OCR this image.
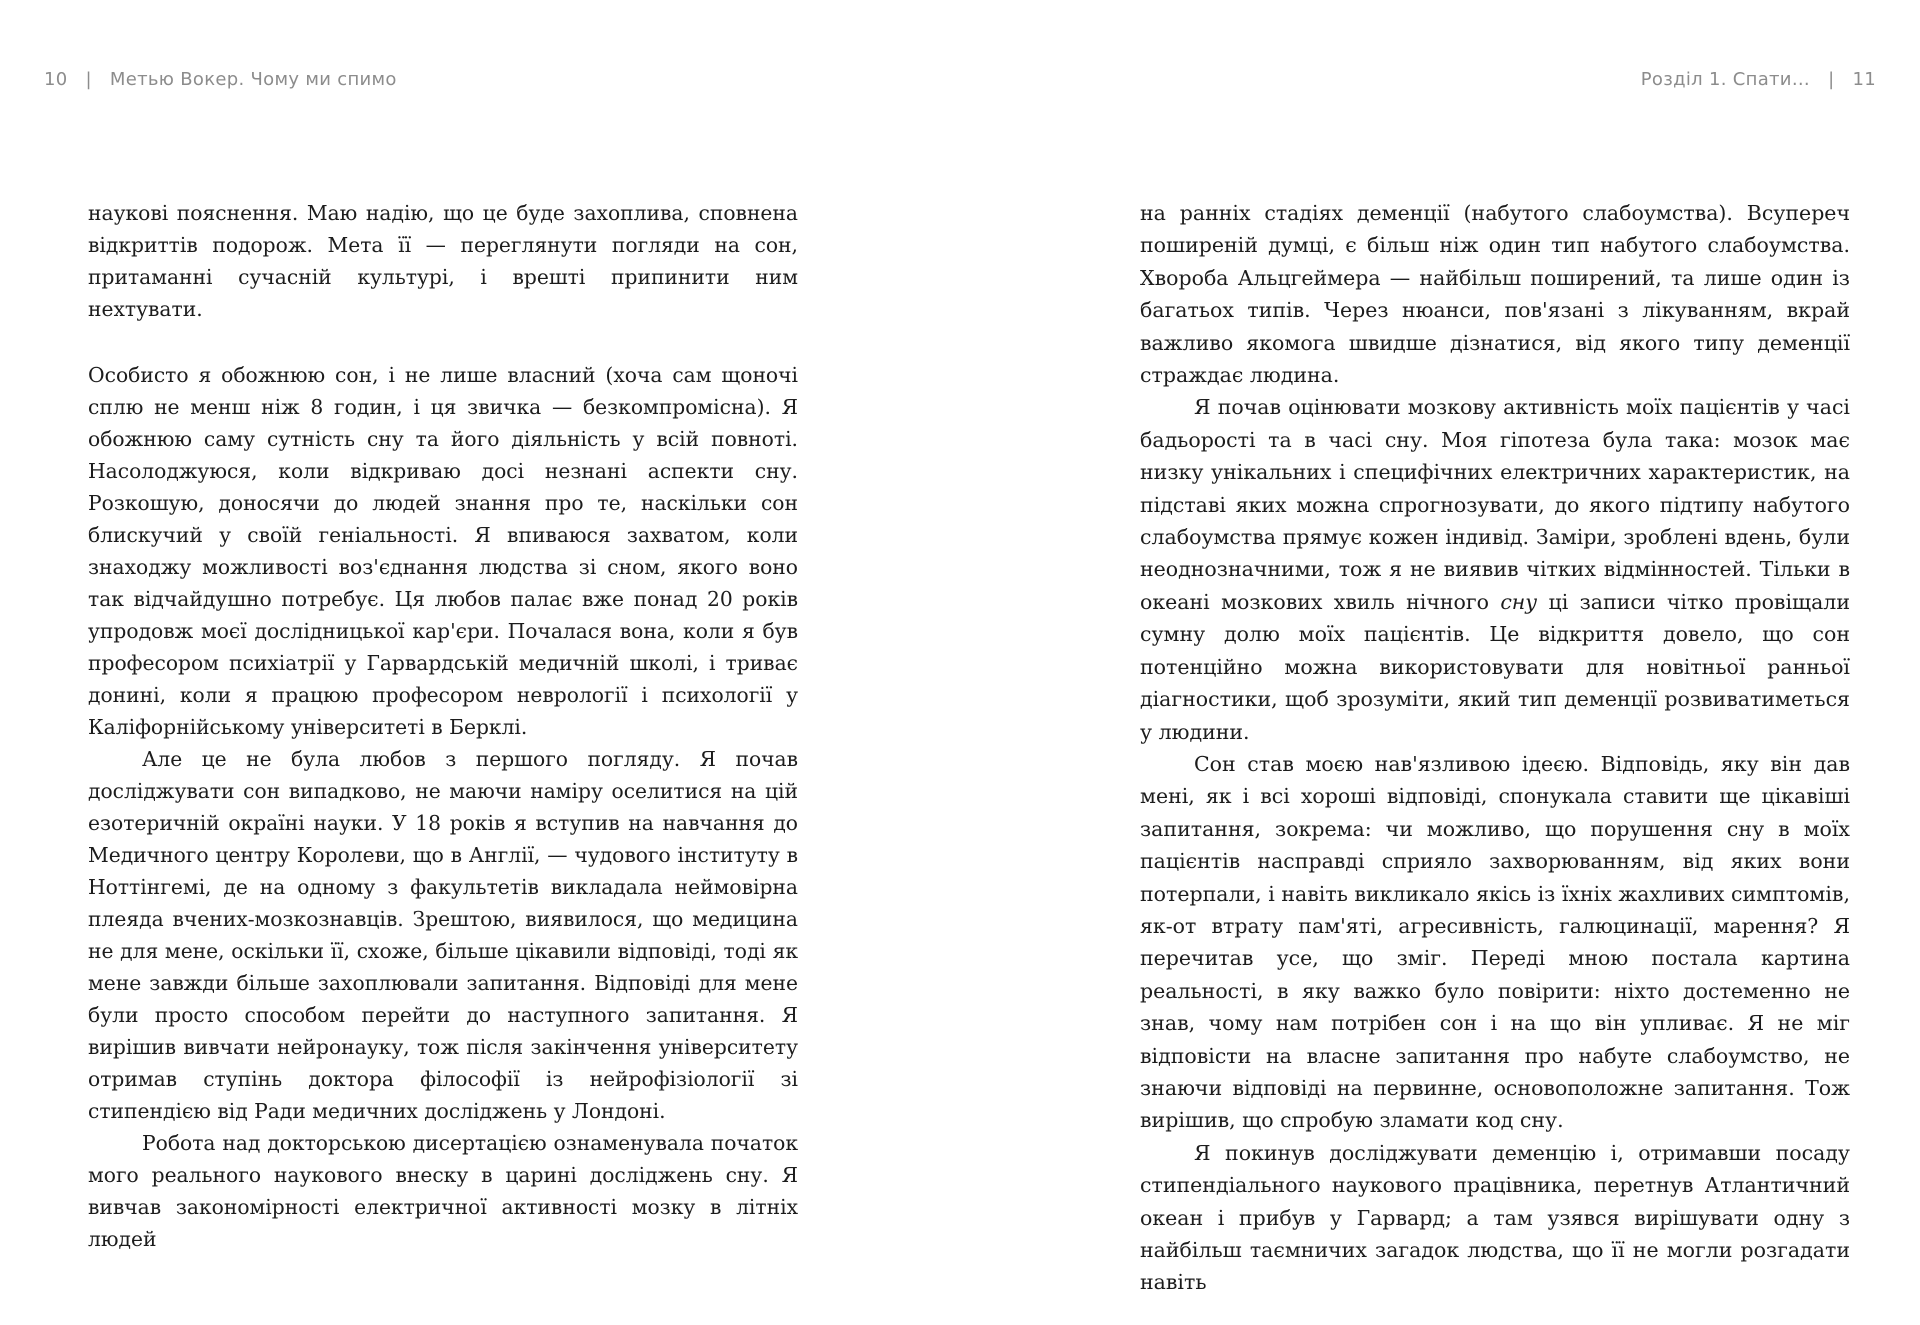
10 | Метью Вокер. Чому ми спимо	Розділ 1. Спати… | 11

наукові пояснення. Маю надію, що це буде захоплива, сповнена відкриттів подорож. Мета її — переглянути погляди на сон, притаманні сучасній культурі, і врешті припинити ним нехтувати.

Особисто я обожнюю сон, і не лише власний (хоча сам щоночі сплю не менш ніж 8 годин, і ця звичка — безкомпромісна). Я обожнюю саму сутність сну та його діяльність у всій повноті. Насолоджуюся, коли відкриваю досі незнані аспекти сну. Розкошую, доносячи до людей знання про те, наскільки сон блискучий у своїй геніальності. Я впиваюся захватом, коли знаходжу можливості воз'єднання людства зі сном, якого воно так відчайдушно потребує. Ця любов палає вже понад 20 років упродовж моєї дослідницької кар'єри. Почалася вона, коли я був професором психіатрії у Гарвардській медичній школі, і триває донині, коли я працюю професором неврології і психології у Каліфорнійському університеті в Берклі.

Але це не була любов з першого погляду. Я почав досліджувати сон випадково, не маючи наміру оселитися на цій езотеричній окраїні науки. У 18 років я вступив на навчання до Медичного центру Королеви, що в Англії, — чудового інституту в Ноттінгемі, де на одному з факультетів викладала неймовірна плеяда вчених-мозкознавців. Зрештою, виявилося, що медицина не для мене, оскільки її, схоже, більше цікавили відповіді, тоді як мене завжди більше захоплювали запитання. Відповіді для мене були просто способом перейти до наступного запитання. Я вирішив вивчати нейронауку, тож після закінчення університету отримав ступінь доктора філософії із нейрофізіології зі стипендією від Ради медичних досліджень у Лондоні.

Робота над докторською дисертацією ознаменувала початок мого реального наукового внеску в царині досліджень сну. Я вивчав закономірності електричної активності мозку в літніх людей

на ранніх стадіях деменції (набутого слабоумства). Всупереч поширеній думці, є більш ніж один тип набутого слабоумства. Хвороба Альцгеймера — найбільш поширений, та лише один із багатьох типів. Через нюанси, пов'язані з лікуванням, вкрай важливо якомога швидше дізнатися, від якого типу деменції страждає людина.

Я почав оцінювати мозкову активність моїх пацієнтів у часі бадьорості та в часі сну. Моя гіпотеза була така: мозок має низку унікальних і специфічних електричних характеристик, на підставі яких можна спрогнозувати, до якого підтипу набутого слабоумства прямує кожен індивід. Заміри, зроблені вдень, були неоднозначними, тож я не виявив чітких відмінностей. Тільки в океані мозкових хвиль нічного сну ці записи чітко провіщали сумну долю моїх пацієнтів. Це відкриття довело, що сон потенційно можна використовувати для новітньої ранньої діагностики, щоб зрозуміти, який тип деменції розвиватиметься у людини.

Сон став моєю нав'язливою ідеєю. Відповідь, яку він дав мені, як і всі хороші відповіді, спонукала ставити ще цікавіші запитання, зокрема: чи можливо, що порушення сну в моїх пацієнтів насправді сприяло захворюванням, від яких вони потерпали, і навіть викликало якісь із їхніх жахливих симптомів, як-от втрату пам'яті, агресивність, галюцинації, марення? Я перечитав усе, що зміг. Переді мною постала картина реальності, в яку важко було повірити: ніхто достеменно не знав, чому нам потрібен сон і на що він упливає. Я не міг відповісти на власне запитання про набуте слабоумство, не знаючи відповіді на первинне, основоположне запитання. Тож вирішив, що спробую зламати код сну.

Я покинув досліджувати деменцію і, отримавши посаду стипендіального наукового працівника, перетнув Атлантичний океан і прибув у Гарвард; а там узявся вирішувати одну з найбільш таємничих загадок людства, що її не могли розгадати навіть
